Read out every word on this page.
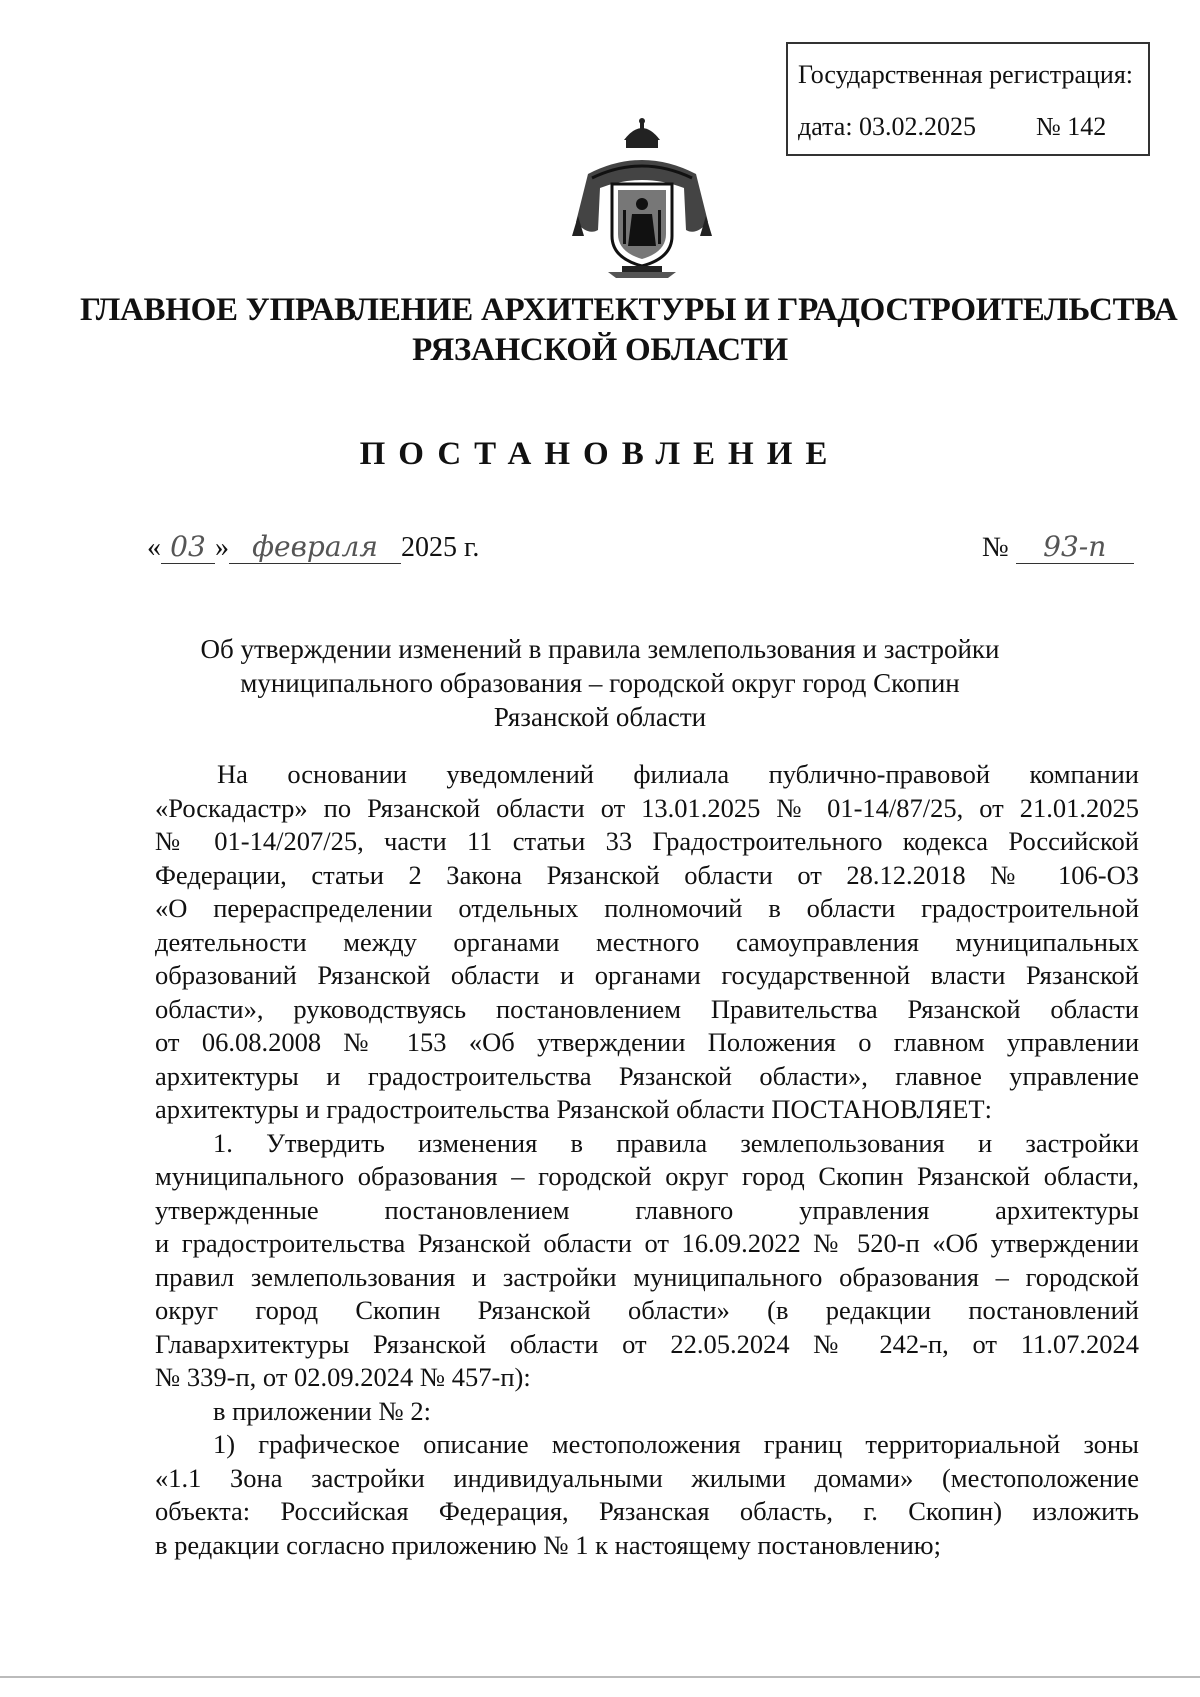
Государственная регистрация:
дата: 03.02.2025 № 142
ГЛАВНОЕ УПРАВЛЕНИЕ АРХИТЕКТУРЫ И ГРАДОСТРОИТЕЛЬСТВА
РЯЗАНСКОЙ ОБЛАСТИ
ПОСТАНОВЛЕНИЕ
« 03 » февраля 2025 г.	№ 93-п
Об утверждении изменений в правила землепользования и застройки
муниципального образования – городской округ город Скопин
Рязанской области
На основании уведомлений филиала публично-правовой компании
«Роскадастр» по Рязанской области от 13.01.2025 № 01-14/87/25, от 21.01.2025
№ 01-14/207/25, части 11 статьи 33 Градостроительного кодекса Российской
Федерации, статьи 2 Закона Рязанской области от 28.12.2018 № 106-ОЗ
«О перераспределении отдельных полномочий в области градостроительной
деятельности между органами местного самоуправления муниципальных
образований Рязанской области и органами государственной власти Рязанской
области», руководствуясь постановлением Правительства Рязанской области
от 06.08.2008 № 153 «Об утверждении Положения о главном управлении
архитектуры и градостроительства Рязанской области», главное управление
архитектуры и градостроительства Рязанской области ПОСТАНОВЛЯЕТ:
1. Утвердить изменения в правила землепользования и застройки
муниципального образования – городской округ город Скопин Рязанской области,
утвержденные постановлением главного управления архитектуры
и градостроительства Рязанской области от 16.09.2022 № 520-п «Об утверждении
правил землепользования и застройки муниципального образования – городской
округ город Скопин Рязанской области» (в редакции постановлений
Главархитектуры Рязанской области от 22.05.2024 № 242-п, от 11.07.2024
№ 339-п, от 02.09.2024 № 457-п):
в приложении № 2:
1) графическое описание местоположения границ территориальной зоны
«1.1 Зона застройки индивидуальными жилыми домами» (местоположение
объекта: Российская Федерация, Рязанская область, г. Скопин) изложить
в редакции согласно приложению № 1 к настоящему постановлению;
